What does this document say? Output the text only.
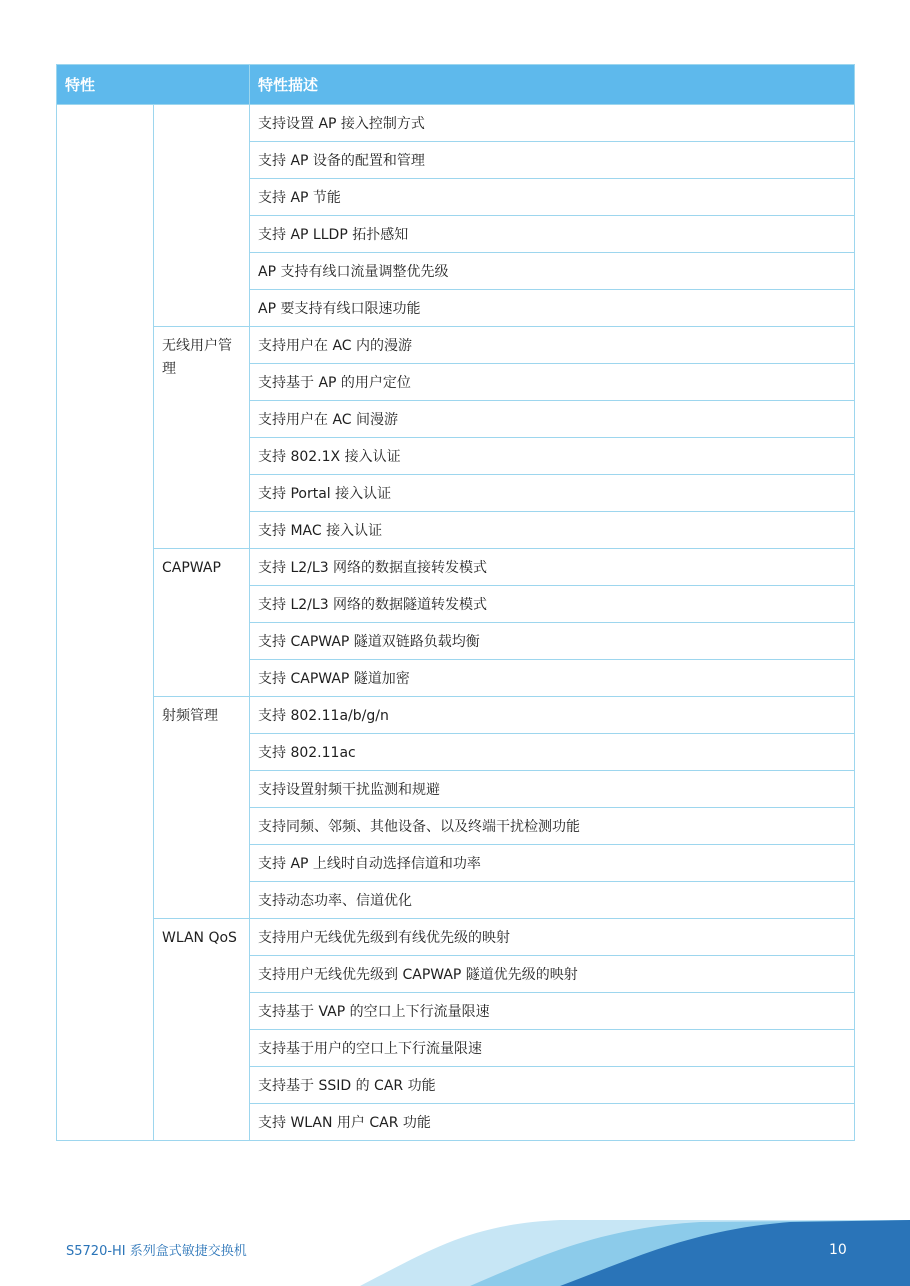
特性		特性描述
		支持设置 AP 接入控制方式
		支持 AP 设备的配置和管理
		支持 AP 节能
		支持 AP LLDP 拓扑感知
		AP 支持有线口流量调整优先级
		AP 要支持有线口限速功能
	无线用户管理	支持用户在 AC 内的漫游
		支持基于 AP 的用户定位
		支持用户在 AC 间漫游
		支持 802.1X 接入认证
		支持 Portal 接入认证
		支持 MAC 接入认证
	CAPWAP	支持 L2/L3 网络的数据直接转发模式
		支持 L2/L3 网络的数据隧道转发模式
		支持 CAPWAP 隧道双链路负载均衡
		支持 CAPWAP 隧道加密
	射频管理	支持 802.11a/b/g/n
		支持 802.11ac
		支持设置射频干扰监测和规避
		支持同频、邻频、其他设备、以及终端干扰检测功能
		支持 AP 上线时自动选择信道和功率
		支持动态功率、信道优化
	WLAN QoS	支持用户无线优先级到有线优先级的映射
		支持用户无线优先级到 CAPWAP 隧道优先级的映射
		支持基于 VAP 的空口上下行流量限速
		支持基于用户的空口上下行流量限速
		支持基于 SSID 的 CAR 功能
		支持 WLAN 用户 CAR 功能
S5720-HI 系列盒式敏捷交换机	10
